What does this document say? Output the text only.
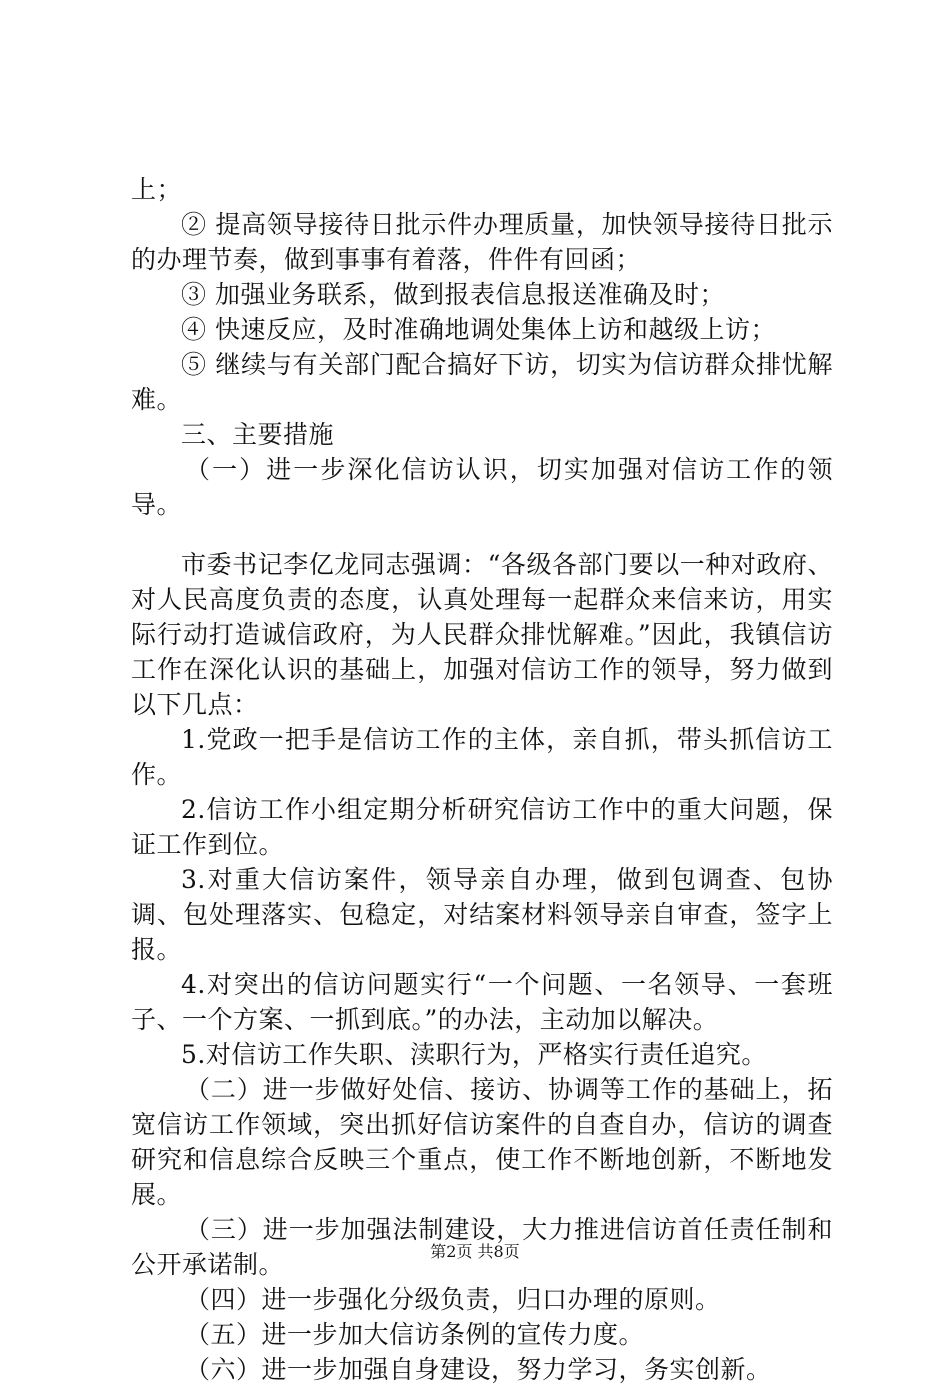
上；

② 提高领导接待日批示件办理质量，加快领导接待日批示的办理节奏，做到事事有着落，件件有回函；

③ 加强业务联系，做到报表信息报送准确及时；

④ 快速反应，及时准确地调处集体上访和越级上访；

⑤ 继续与有关部门配合搞好下访，切实为信访群众排忧解难。

三、主要措施

（一）进一步深化信访认识，切实加强对信访工作的领导。

市委书记李亿龙同志强调：“各级各部门要以一种对政府、对人民高度负责的态度，认真处理每一起群众来信来访，用实际行动打造诚信政府，为人民群众排忧解难。”因此，我镇信访工作在深化认识的基础上，加强对信访工作的领导，努力做到以下几点：

1.党政一把手是信访工作的主体，亲自抓，带头抓信访工作。

2.信访工作小组定期分析研究信访工作中的重大问题，保证工作到位。

3.对重大信访案件，领导亲自办理，做到包调查、包协调、包处理落实、包稳定，对结案材料领导亲自审查，签字上报。

4.对突出的信访问题实行“一个问题、一名领导、一套班子、一个方案、一抓到底。”的办法，主动加以解决。

5.对信访工作失职、渎职行为，严格实行责任追究。

（二）进一步做好处信、接访、协调等工作的基础上，拓宽信访工作领域，突出抓好信访案件的自查自办，信访的调查研究和信息综合反映三个重点，使工作不断地创新，不断地发展。

（三）进一步加强法制建设，大力推进信访首任责任制和公开承诺制。

（四）进一步强化分级负责，归口办理的原则。

（五）进一步加大信访条例的宣传力度。

（六）进一步加强自身建设，努力学习，务实创新。

第2页 共8页
